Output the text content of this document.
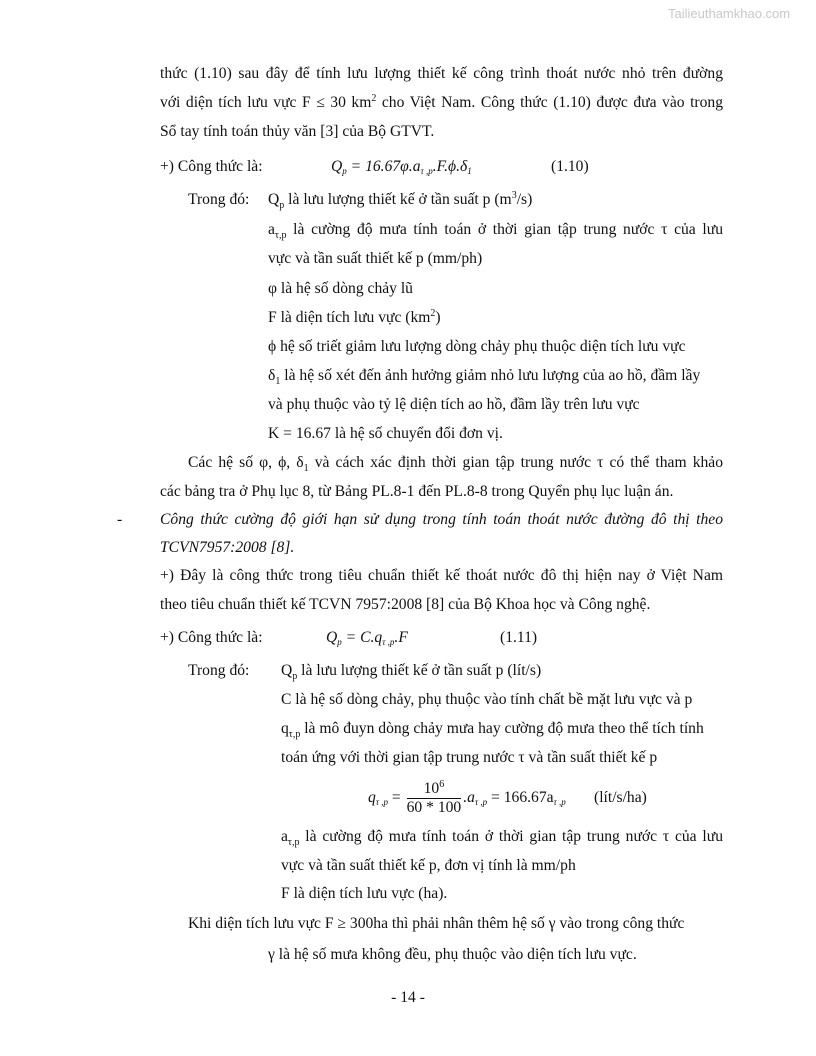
Tailieuthamkhao.com
thức (1.10) sau đây để tính lưu lượng thiết kế công trình thoát nước nhỏ trên đường
với diện tích lưu vực F ≤ 30 $km^2$ cho Việt Nam. Công thức (1.10) được đưa vào trong
Sổ tay tính toán thủy văn [3] của Bộ GTVT.
+) Công thức là:	Qp = 16.67φ.aτ ,p.F.ϕ.δ1	(1.10)
Trong đó: $Q_p$ là lưu lượng thiết kế ở tần suất p $(m^3/s)$
$a_{\tau,p}$ là cường độ mưa tính toán ở thời gian tập trung nước τ của lưu
vực và tần suất thiết kế p (mm/ph)
φ là hệ số dòng chảy lũ
F là diện tích lưu vực $(km^2)$
ϕ hệ số triết giảm lưu lượng dòng chảy phụ thuộc diện tích lưu vực
$\delta_1$ là hệ số xét đến ảnh hưởng giảm nhỏ lưu lượng của ao hồ, đầm lầy
và phụ thuộc vào tỷ lệ diện tích ao hồ, đầm lầy trên lưu vực
K = 16.67 là hệ số chuyển đổi đơn vị.
Các hệ số φ, ϕ, $\delta_1$ và cách xác định thời gian tập trung nước τ có thể tham khảo
các bảng tra ở Phụ lục 8, từ Bảng PL.8-1 đến PL.8-8 trong Quyển phụ lục luận án.
- Công thức cường độ giới hạn sử dụng trong tính toán thoát nước đường đô thị theo
TCVN7957:2008 [8].
+) Đây là công thức trong tiêu chuẩn thiết kế thoát nước đô thị hiện nay ở Việt Nam
theo tiêu chuẩn thiết kế TCVN 7957:2008 [8] của Bộ Khoa học và Công nghệ.
+) Công thức là:	Qp = C.qτ ,p.F	(1.11)
Trong đó: $Q_p$ là lưu lượng thiết kế ở tần suất p (lít/s)
C là hệ số dòng chảy, phụ thuộc vào tính chất bề mặt lưu vực và p
$q_{\tau,p}$ là mô đuyn dòng chảy mưa hay cường độ mưa theo thể tích tính
toán ứng với thời gian tập trung nước τ và tần suất thiết kế p
qτ $,p = \frac{10^6}{60 * 100} .a\tau$ ,p = 166.67aτ ,p (lít/s/ha)
$a_{\tau,p}$ là cường độ mưa tính toán ở thời gian tập trung nước τ của lưu
vực và tần suất thiết kế p, đơn vị tính là mm/ph
F là diện tích lưu vực (ha).
Khi diện tích lưu vực F ≥ 300ha thì phải nhân thêm hệ số γ vào trong công thức
γ là hệ số mưa không đều, phụ thuộc vào diện tích lưu vực.
- 14 -
